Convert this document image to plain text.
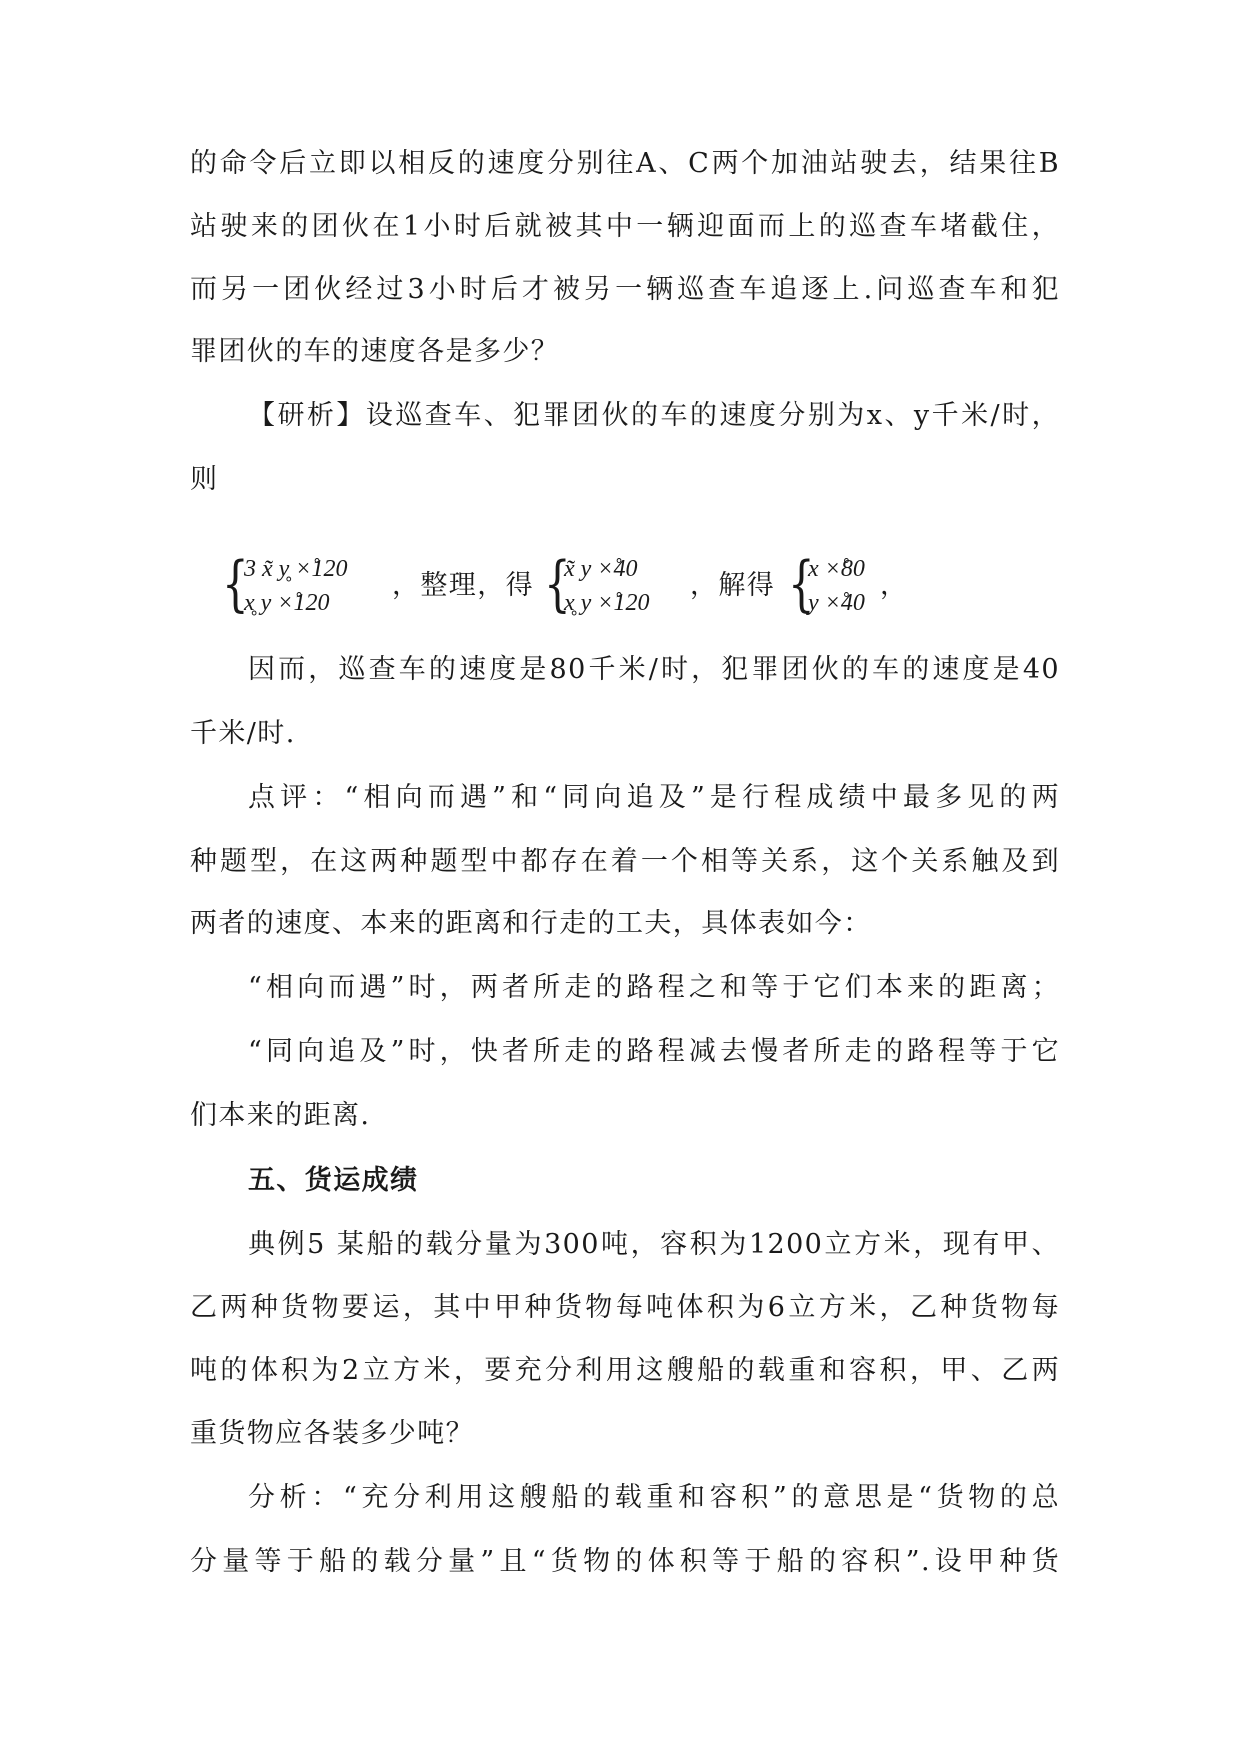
的命令后立即以相反的速度分别往A、C两个加油站驶去，结果往B
站驶来的团伙在1小时后就被其中一辆迎面而上的巡查车堵截住，
而另一团伙经过3小时后才被另一辆巡查车追逐上.问巡查车和犯
罪团伙的车的速度各是多少？
【研析】设巡查车、犯罪团伙的车的速度分别为x、y千米/时，
则
{
3 x̃ y̥ ×̊120
x̥ y ×̊120
，整理，得 {
x̃ y ×̊40
x̥ y ×̊120
，解得 {
x ×̊80
y ×̊40
，
因而，巡查车的速度是80千米/时，犯罪团伙的车的速度是40
千米/时.
点评：“相向而遇”和“同向追及”是行程成绩中最多见的两
种题型，在这两种题型中都存在着一个相等关系，这个关系触及到
两者的速度、本来的距离和行走的工夫，具体表如今：
“相向而遇”时，两者所走的路程之和等于它们本来的距离；
“同向追及”时，快者所走的路程减去慢者所走的路程等于它
们本来的距离.
五、货运成绩
典例5 某船的载分量为300吨，容积为1200立方米，现有甲、
乙两种货物要运，其中甲种货物每吨体积为6立方米，乙种货物每
吨的体积为2立方米，要充分利用这艘船的载重和容积，甲、乙两
重货物应各装多少吨？
分析：“充分利用这艘船的载重和容积”的意思是“货物的总
分量等于船的载分量”且“货物的体积等于船的容积”.设甲种货
